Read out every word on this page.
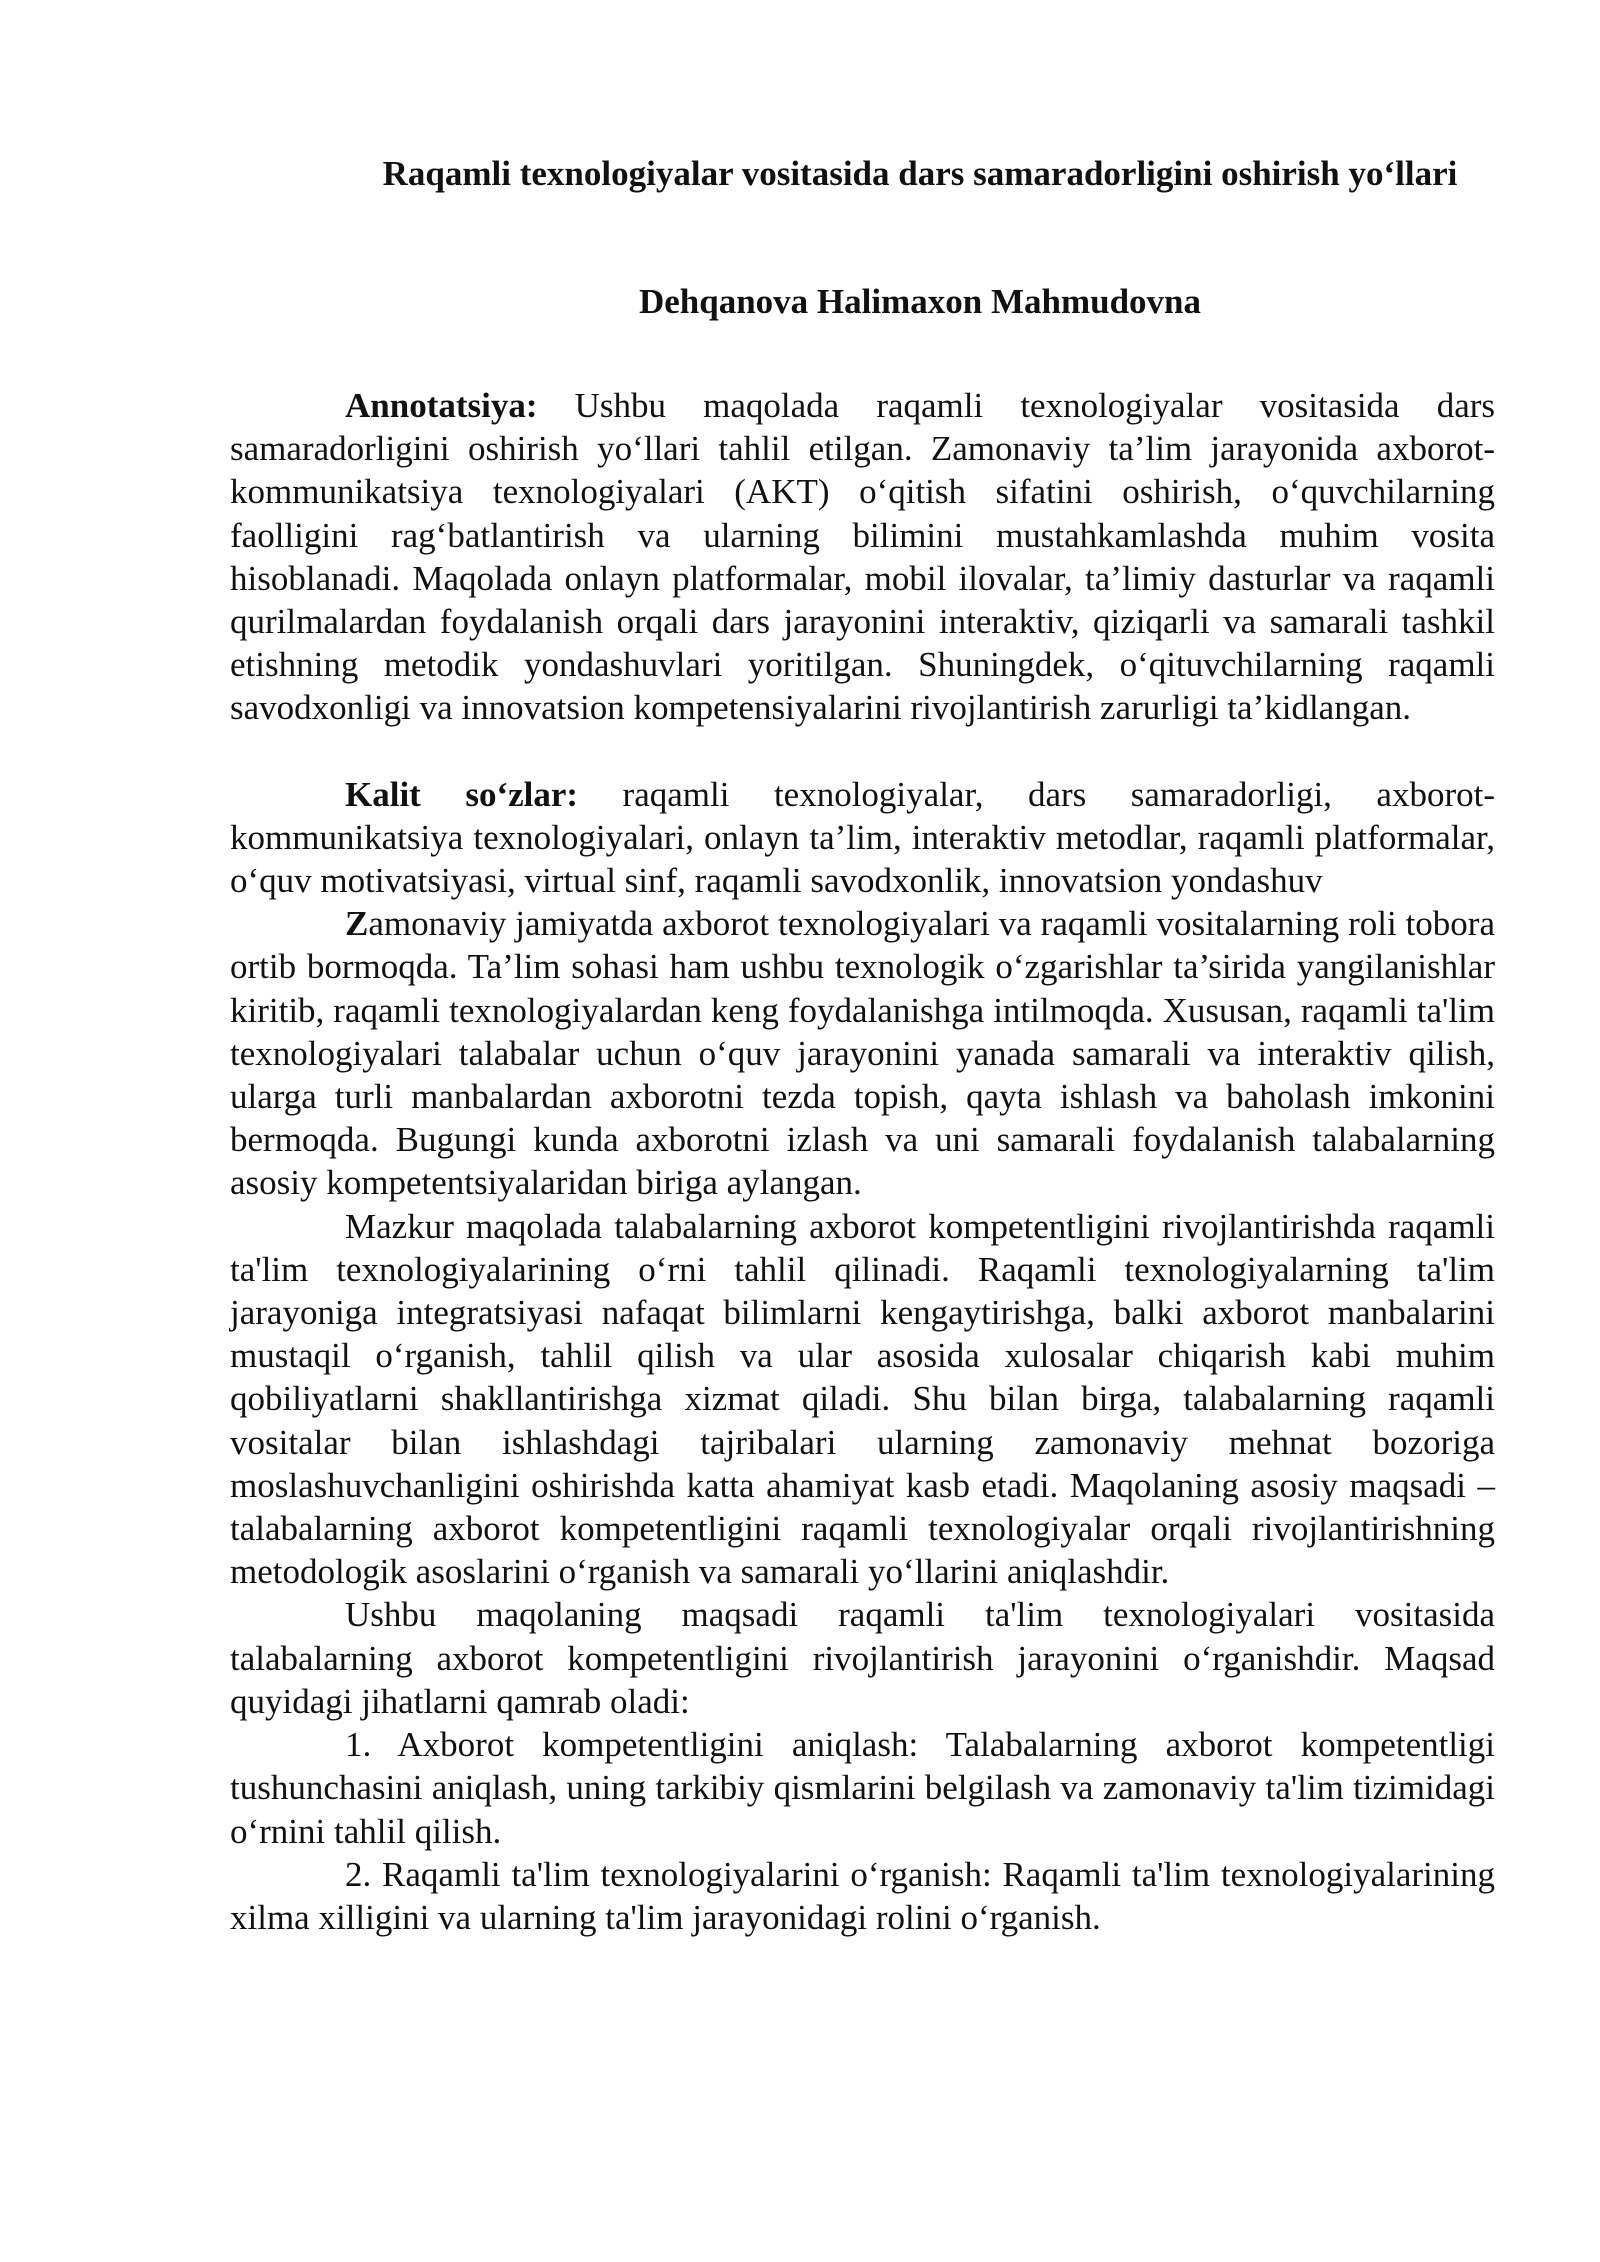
Raqamli texnologiyalar vositasida dars samaradorligini oshirish yo‘llari
Dehqanova Halimaxon Mahmudovna

Annotatsiya: Ushbu maqolada raqamli texnologiyalar vositasida dars samaradorligini oshirish yo‘llari tahlil etilgan. Zamonaviy ta’lim jarayonida axborot-kommunikatsiya texnologiyalari (AKT) o‘qitish sifatini oshirish, o‘quvchilarning faolligini rag‘batlantirish va ularning bilimini mustahkamlashda muhim vosita hisoblanadi. Maqolada onlayn platformalar, mobil ilovalar, ta’limiy dasturlar va raqamli qurilmalardan foydalanish orqali dars jarayonini interaktiv, qiziqarli va samarali tashkil etishning metodik yondashuvlari yoritilgan. Shuningdek, o‘qituvchilarning raqamli savodxonligi va innovatsion kompetensiyalarini rivojlantirish zarurligi ta’kidlangan.

Kalit so‘zlar: raqamli texnologiyalar, dars samaradorligi, axborot-kommunikatsiya texnologiyalari, onlayn ta’lim, interaktiv metodlar, raqamli platformalar, o‘quv motivatsiyasi, virtual sinf, raqamli savodxonlik, innovatsion yondashuv

Zamonaviy jamiyatda axborot texnologiyalari va raqamli vositalarning roli tobora ortib bormoqda. Ta’lim sohasi ham ushbu texnologik o‘zgarishlar ta’sirida yangilanishlar kiritib, raqamli texnologiyalardan keng foydalanishga intilmoqda. Xususan, raqamli ta'lim texnologiyalari talabalar uchun o‘quv jarayonini yanada samarali va interaktiv qilish, ularga turli manbalardan axborotni tezda topish, qayta ishlash va baholash imkonini bermoqda. Bugungi kunda axborotni izlash va uni samarali foydalanish talabalarning asosiy kompetentsiyalaridan biriga aylangan.

Mazkur maqolada talabalarning axborot kompetentligini rivojlantirishda raqamli ta'lim texnologiyalarining o‘rni tahlil qilinadi. Raqamli texnologiyalarning ta'lim jarayoniga integratsiyasi nafaqat bilimlarni kengaytirishga, balki axborot manbalarini mustaqil o‘rganish, tahlil qilish va ular asosida xulosalar chiqarish kabi muhim qobiliyatlarni shakllantirishga xizmat qiladi. Shu bilan birga, talabalarning raqamli vositalar bilan ishlashdagi tajribalari ularning zamonaviy mehnat bozoriga moslashuvchanligini oshirishda katta ahamiyat kasb etadi. Maqolaning asosiy maqsadi – talabalarning axborot kompetentligini raqamli texnologiyalar orqali rivojlantirishning metodologik asoslarini o‘rganish va samarali yo‘llarini aniqlashdir.

Ushbu maqolaning maqsadi raqamli ta'lim texnologiyalari vositasida talabalarning axborot kompetentligini rivojlantirish jarayonini o‘rganishdir. Maqsad quyidagi jihatlarni qamrab oladi:

1. Axborot kompetentligini aniqlash: Talabalarning axborot kompetentligi tushunchasini aniqlash, uning tarkibiy qismlarini belgilash va zamonaviy ta'lim tizimidagi o‘rnini tahlil qilish.

2. Raqamli ta'lim texnologiyalarini o‘rganish: Raqamli ta'lim texnologiyalarining xilma xilligini va ularning ta'lim jarayonidagi rolini o‘rganish.
